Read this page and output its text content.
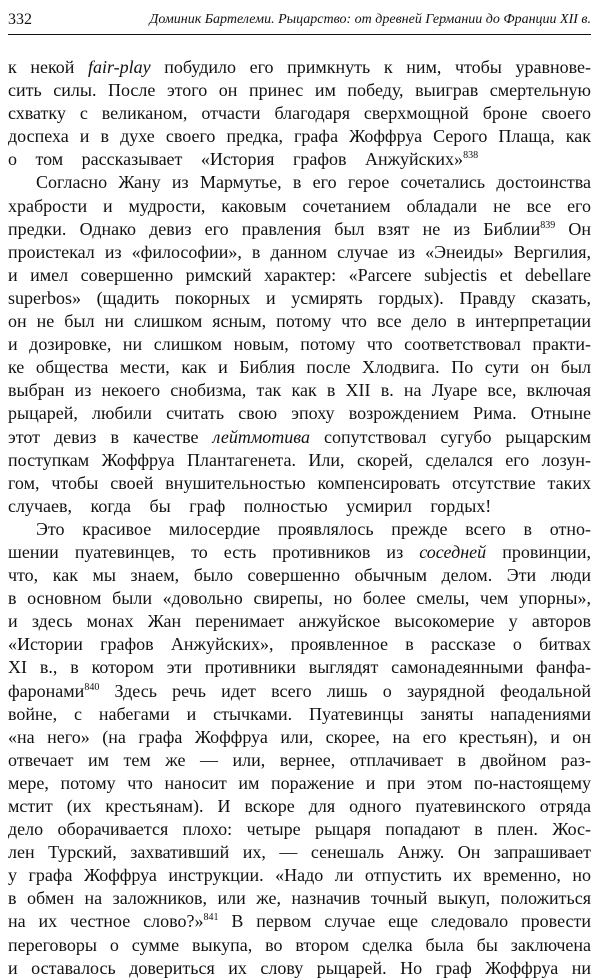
332	Доминик Бартелеми. Рыцарство: от древней Германии до Франции XII в.
к некой fair-play побудило его примкнуть к ним, чтобы уравнове-
сить силы. После этого он принес им победу, выиграв смертельную
схватку с великаном, отчасти благодаря сверхмощной броне своего
доспеха и в духе своего предка, графа Жоффруа Серого Плаща, как
о том рассказывает «История графов Анжуйских»$^{838}$
Согласно Жану из Мармутье, в его герое сочетались достоинства
храбрости и мудрости, каковым сочетанием обладали не все его
предки. Однако девиз его правления был взят не из Библии$^{839}$ Он
проистекал из «философии», в данном случае из «Энеиды» Вергилия,
и имел совершенно римский характер: «Parcere subjectis et debellare
superbos» (щадить покорных и усмирять гордых). Правду сказать,
он не был ни слишком ясным, потому что все дело в интерпретации
и дозировке, ни слишком новым, потому что соответствовал практи-
ке общества мести, как и Библия после Хлодвига. По сути он был
выбран из некоего снобизма, так как в XII в. на Луаре все, включая
рыцарей, любили считать свою эпоху возрождением Рима. Отныне
этот девиз в качестве лейтмотива сопутствовал сугубо рыцарским
поступкам Жоффруа Плантагенета. Или, скорей, сделался его лозун-
гом, чтобы своей внушительностью компенсировать отсутствие таких
случаев, когда бы граф полностью усмирил гордых!
Это красивое милосердие проявлялось прежде всего в отно-
шении пуатевинцев, то есть противников из соседней провинции,
что, как мы знаем, было совершенно обычным делом. Эти люди
в основном были «довольно свирепы, но более смелы, чем упорны»,
и здесь монах Жан перенимает анжуйское высокомерие у авторов
«Истории графов Анжуйских», проявленное в рассказе о битвах
XI в., в котором эти противники выглядят самонадеянными фанфа-
фаронами$^{840}$ Здесь речь идет всего лишь о заурядной феодальной
войне, с набегами и стычками. Пуатевинцы заняты нападениями
«на него» (на графа Жоффруа или, скорее, на его крестьян), и он
отвечает им тем же — или, вернее, отплачивает в двойном раз-
мере, потому что наносит им поражение и при этом по-настоящему
мстит (их крестьянам). И вскоре для одного пуатевинского отряда
дело оборачивается плохо: четыре рыцаря попадают в плен. Жос-
лен Турский, захвативший их, — сенешаль Анжу. Он запрашивает
у графа Жоффруа инструкции. «Надо ли отпустить их временно, но
в обмен на заложников, или же, назначив точный выкуп, положиться
на их честное слово?»$^{841}$ В первом случае еще следовало провести
переговоры о сумме выкупа, во втором сделка была бы заключена
и оставалось довериться их слову рыцарей. Но граф Жоффруа ни
